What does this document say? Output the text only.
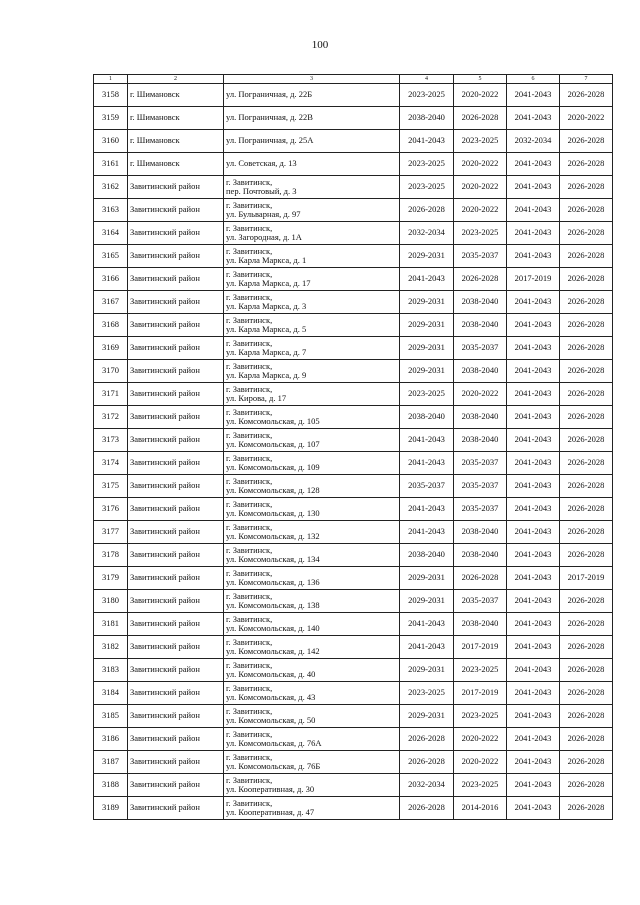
100
1	2	3	4	5	6	7
3158	г. Шимановск	ул. Пограничная, д. 22Б	2023-2025	2020-2022	2041-2043	2026-2028
3159	г. Шимановск	ул. Пограничная, д. 22В	2038-2040	2026-2028	2041-2043	2020-2022
3160	г. Шимановск	ул. Пограничная, д. 25А	2041-2043	2023-2025	2032-2034	2026-2028
3161	г. Шимановск	ул. Советская, д. 13	2023-2025	2020-2022	2041-2043	2026-2028
3162	Завитинский район	г. Завитинск,
пер. Почтовый, д. 3	2023-2025	2020-2022	2041-2043	2026-2028
3163	Завитинский район	г. Завитинск,
ул. Бульварная, д. 97	2026-2028	2020-2022	2041-2043	2026-2028
3164	Завитинский район	г. Завитинск,
ул. Загородная, д. 1А	2032-2034	2023-2025	2041-2043	2026-2028
3165	Завитинский район	г. Завитинск,
ул. Карла Маркса, д. 1	2029-2031	2035-2037	2041-2043	2026-2028
3166	Завитинский район	г. Завитинск,
ул. Карла Маркса, д. 17	2041-2043	2026-2028	2017-2019	2026-2028
3167	Завитинский район	г. Завитинск,
ул. Карла Маркса, д. 3	2029-2031	2038-2040	2041-2043	2026-2028
3168	Завитинский район	г. Завитинск,
ул. Карла Маркса, д. 5	2029-2031	2038-2040	2041-2043	2026-2028
3169	Завитинский район	г. Завитинск,
ул. Карла Маркса, д. 7	2029-2031	2035-2037	2041-2043	2026-2028
3170	Завитинский район	г. Завитинск,
ул. Карла Маркса, д. 9	2029-2031	2038-2040	2041-2043	2026-2028
3171	Завитинский район	г. Завитинск,
ул. Кирова, д. 17	2023-2025	2020-2022	2041-2043	2026-2028
3172	Завитинский район	г. Завитинск,
ул. Комсомольская, д. 105	2038-2040	2038-2040	2041-2043	2026-2028
3173	Завитинский район	г. Завитинск,
ул. Комсомольская, д. 107	2041-2043	2038-2040	2041-2043	2026-2028
3174	Завитинский район	г. Завитинск,
ул. Комсомольская, д. 109	2041-2043	2035-2037	2041-2043	2026-2028
3175	Завитинский район	г. Завитинск,
ул. Комсомольская, д. 128	2035-2037	2035-2037	2041-2043	2026-2028
3176	Завитинский район	г. Завитинск,
ул. Комсомольская, д. 130	2041-2043	2035-2037	2041-2043	2026-2028
3177	Завитинский район	г. Завитинск,
ул. Комсомольская, д. 132	2041-2043	2038-2040	2041-2043	2026-2028
3178	Завитинский район	г. Завитинск,
ул. Комсомольская, д. 134	2038-2040	2038-2040	2041-2043	2026-2028
3179	Завитинский район	г. Завитинск,
ул. Комсомольская, д. 136	2029-2031	2026-2028	2041-2043	2017-2019
3180	Завитинский район	г. Завитинск,
ул. Комсомольская, д. 138	2029-2031	2035-2037	2041-2043	2026-2028
3181	Завитинский район	г. Завитинск,
ул. Комсомольская, д. 140	2041-2043	2038-2040	2041-2043	2026-2028
3182	Завитинский район	г. Завитинск,
ул. Комсомольская, д. 142	2041-2043	2017-2019	2041-2043	2026-2028
3183	Завитинский район	г. Завитинск,
ул. Комсомольская, д. 40	2029-2031	2023-2025	2041-2043	2026-2028
3184	Завитинский район	г. Завитинск,
ул. Комсомольская, д. 43	2023-2025	2017-2019	2041-2043	2026-2028
3185	Завитинский район	г. Завитинск,
ул. Комсомольская, д. 50	2029-2031	2023-2025	2041-2043	2026-2028
3186	Завитинский район	г. Завитинск,
ул. Комсомольская, д. 76А	2026-2028	2020-2022	2041-2043	2026-2028
3187	Завитинский район	г. Завитинск,
ул. Комсомольская, д. 76Б	2026-2028	2020-2022	2041-2043	2026-2028
3188	Завитинский район	г. Завитинск,
ул. Кооперативная, д. 30	2032-2034	2023-2025	2041-2043	2026-2028
3189	Завитинский район	г. Завитинск,
ул. Кооперативная, д. 47	2026-2028	2014-2016	2041-2043	2026-2028
